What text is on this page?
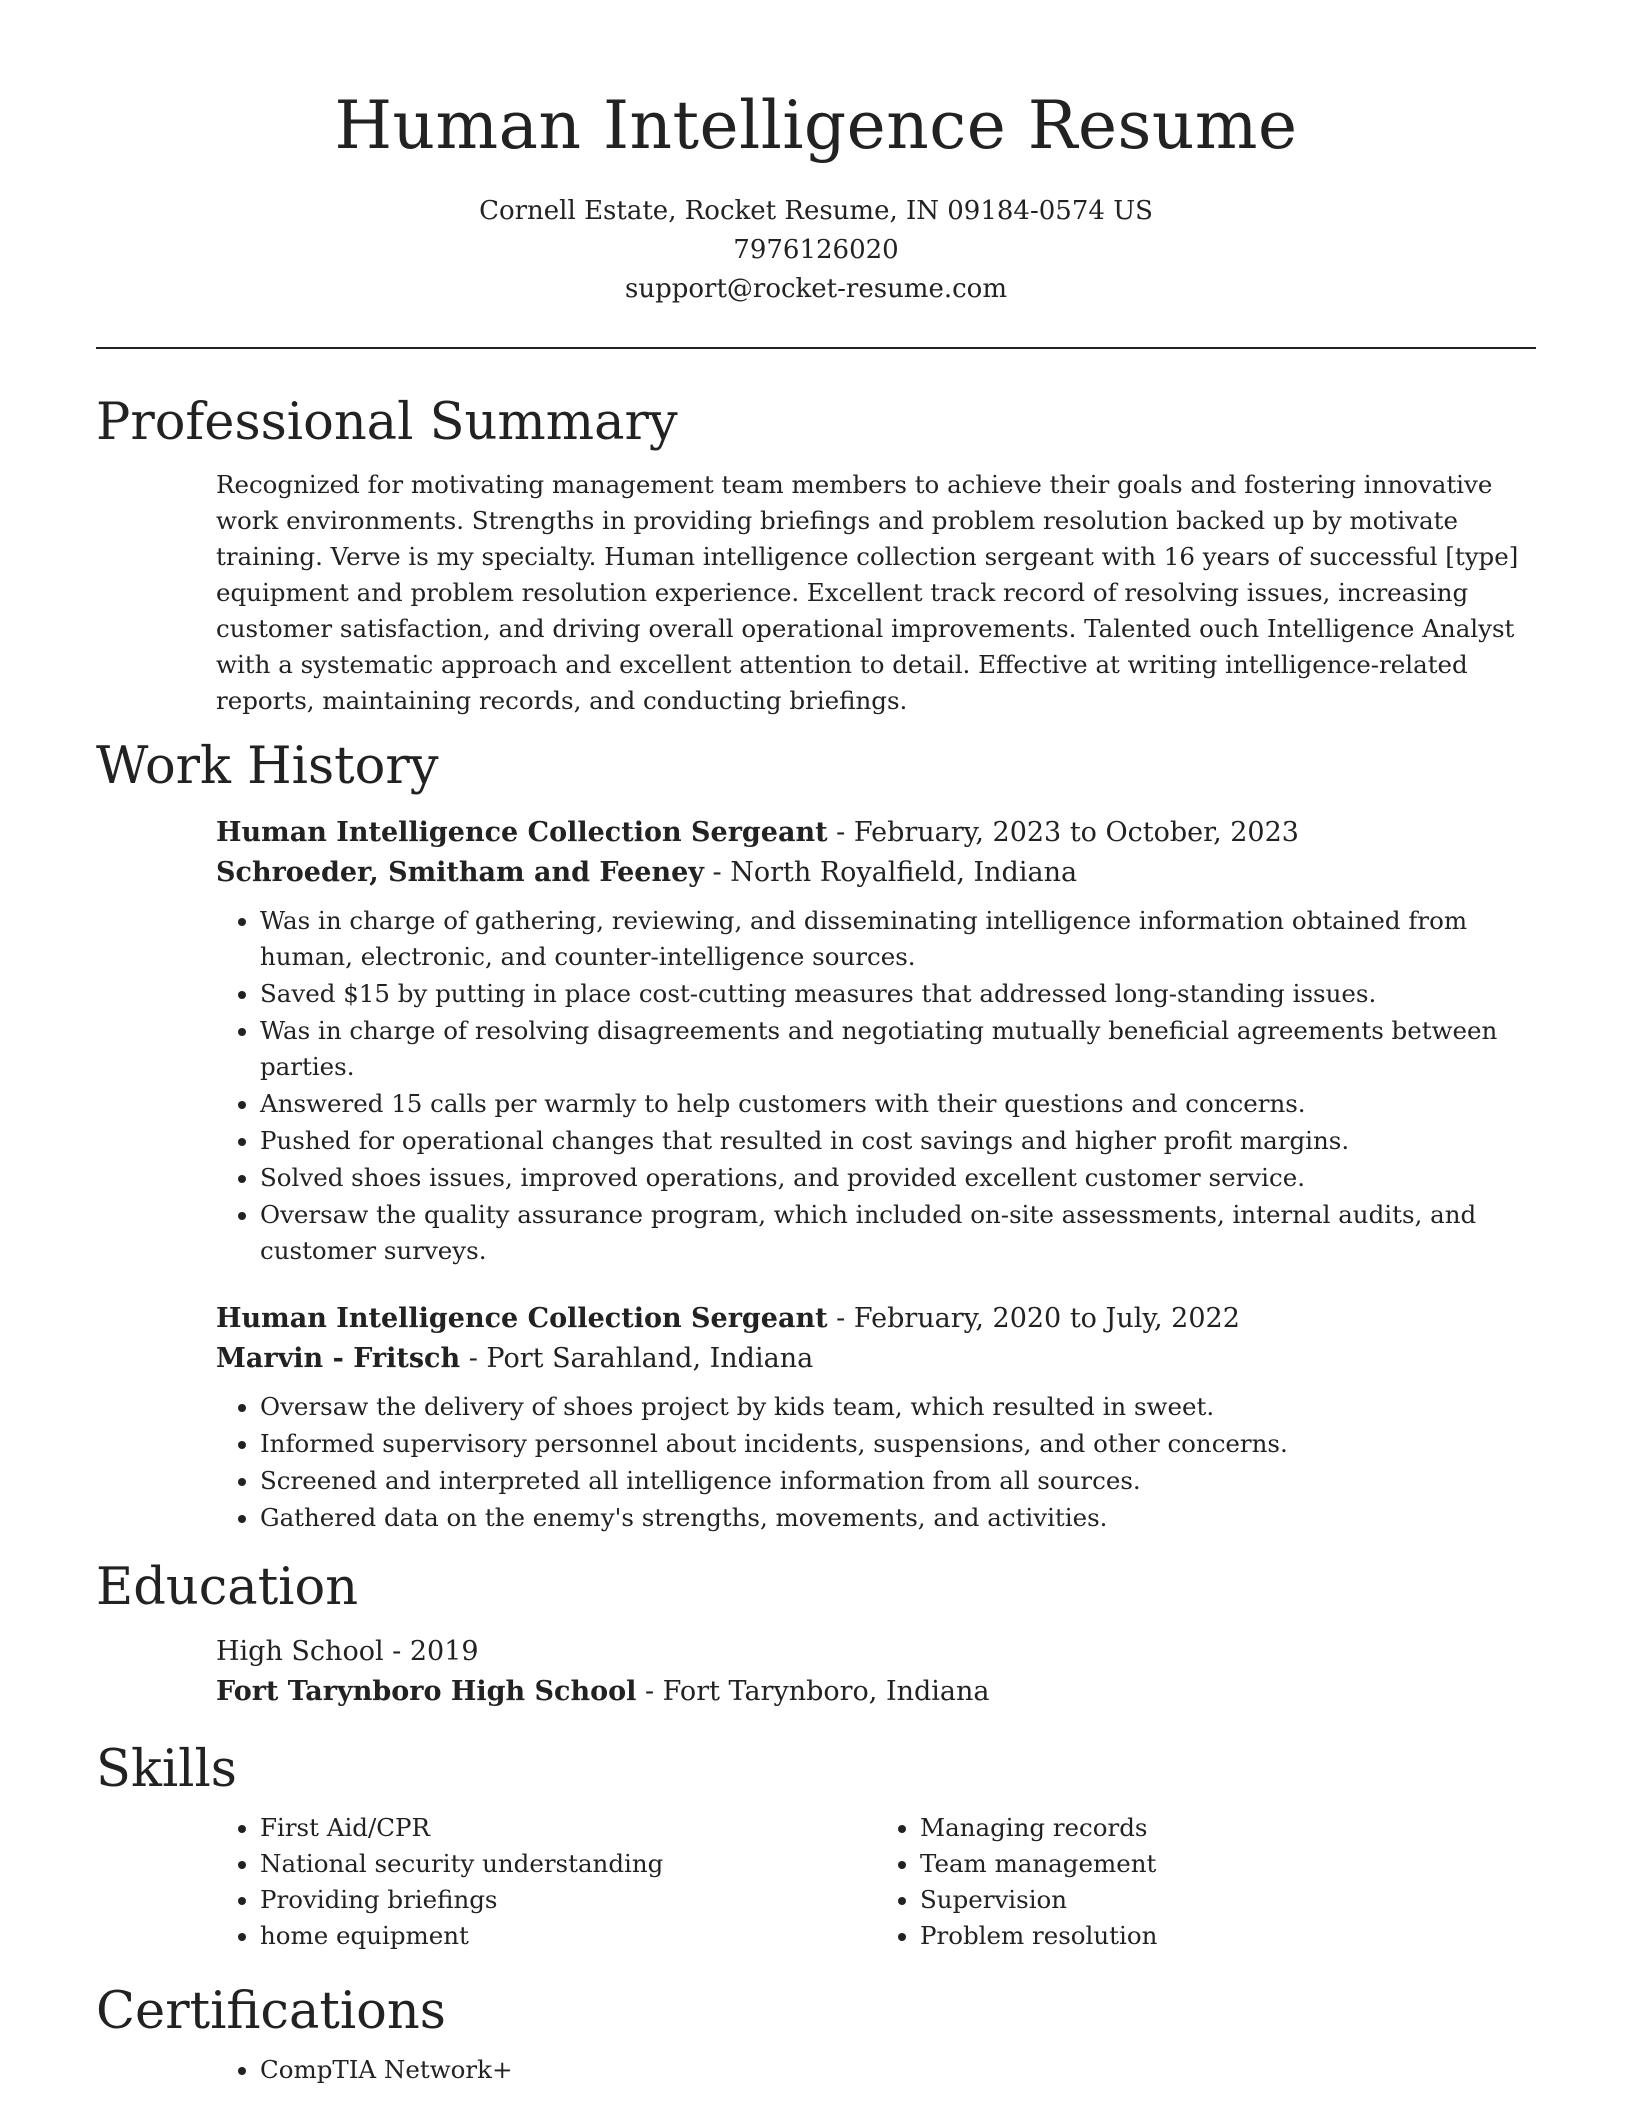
Human Intelligence Resume
Cornell Estate, Rocket Resume, IN 09184-0574 US
7976126020
support@rocket-resume.com
Professional Summary

Recognized for motivating management team members to achieve their goals and fostering innovative work environments. Strengths in providing briefings and problem resolution backed up by motivate training. Verve is my specialty. Human intelligence collection sergeant with 16 years of successful [type] equipment and problem resolution experience. Excellent track record of resolving issues, increasing customer satisfaction, and driving overall operational improvements. Talented ouch Intelligence Analyst with a systematic approach and excellent attention to detail. Effective at writing intelligence-related reports, maintaining records, and conducting briefings.

Work History
Human Intelligence Collection Sergeant - February, 2023 to October, 2023
Schroeder, Smitham and Feeney - North Royalfield, Indiana
• Was in charge of gathering, reviewing, and disseminating intelligence information obtained from human, electronic, and counter-intelligence sources.
• Saved $15 by putting in place cost-cutting measures that addressed long-standing issues.
• Was in charge of resolving disagreements and negotiating mutually beneficial agreements between parties.
• Answered 15 calls per warmly to help customers with their questions and concerns.
• Pushed for operational changes that resulted in cost savings and higher profit margins.
• Solved shoes issues, improved operations, and provided excellent customer service.
• Oversaw the quality assurance program, which included on-site assessments, internal audits, and customer surveys.
Human Intelligence Collection Sergeant - February, 2020 to July, 2022
Marvin - Fritsch - Port Sarahland, Indiana
• Oversaw the delivery of shoes project by kids team, which resulted in sweet.
• Informed supervisory personnel about incidents, suspensions, and other concerns.
• Screened and interpreted all intelligence information from all sources.
• Gathered data on the enemy's strengths, movements, and activities.
Education
High School - 2019
Fort Tarynboro High School - Fort Tarynboro, Indiana
Skills
• First Aid/CPR
• National security understanding
• Providing briefings
• home equipment
• Managing records
• Team management
• Supervision
• Problem resolution
Certifications
• CompTIA Network+
